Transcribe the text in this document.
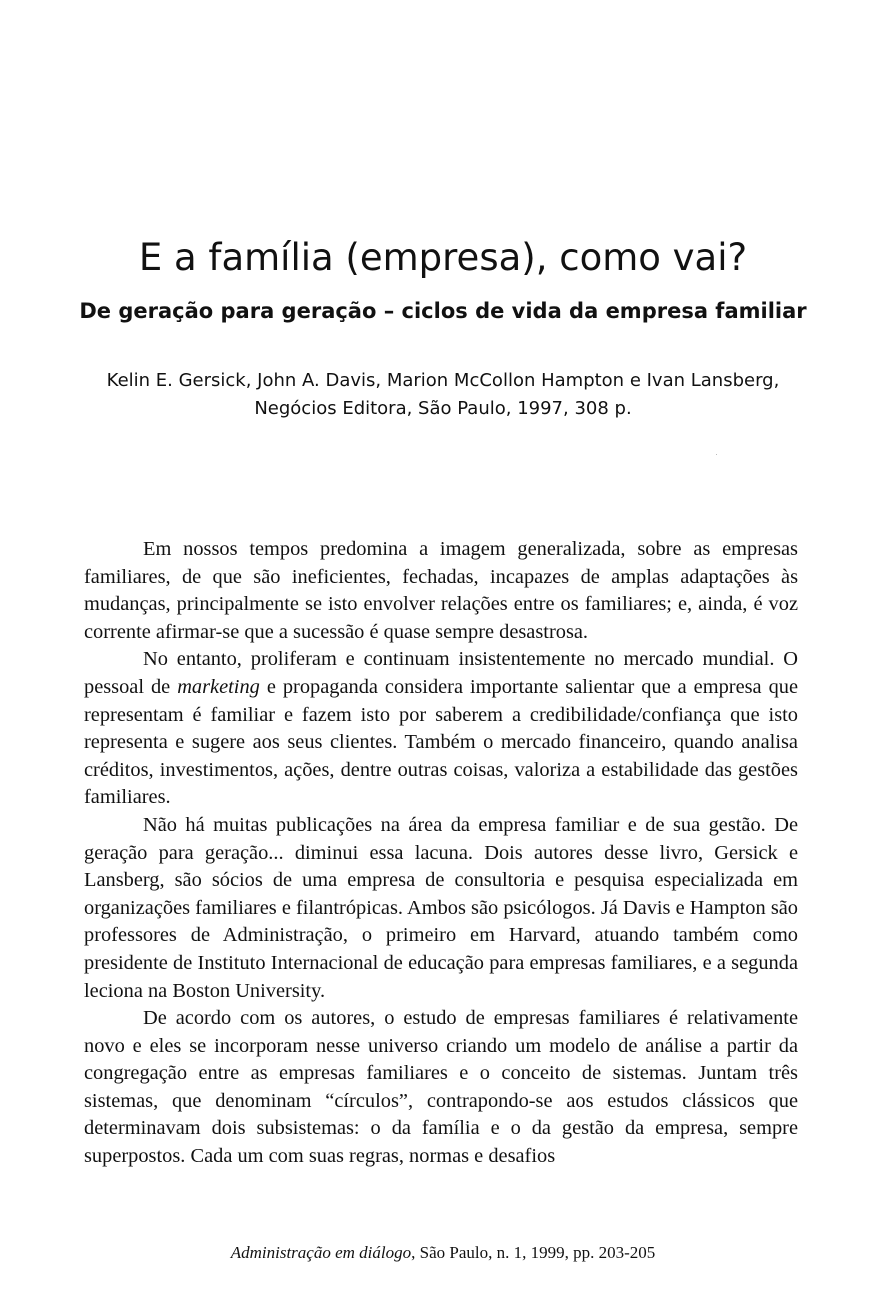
E a família (empresa), como vai?
De geração para geração – ciclos de vida da empresa familiar
Kelin E. Gersick, John A. Davis, Marion McCollon Hampton e Ivan Lansberg,
Negócios Editora, São Paulo, 1997, 308 p.

Em nossos tempos predomina a imagem generalizada, sobre as empresas familiares, de que são ineficientes, fechadas, incapazes de amplas adaptações às mudanças, principalmente se isto envolver relações entre os familiares; e, ainda, é voz corrente afirmar-se que a sucessão é quase sempre desastrosa.

No entanto, proliferam e continuam insistentemente no mercado mundial. O pessoal de marketing e propaganda considera importante salientar que a empresa que representam é familiar e fazem isto por saberem a credibilidade/confiança que isto representa e sugere aos seus clientes. Também o mercado financeiro, quando analisa créditos, investimentos, ações, dentre outras coisas, valoriza a estabilidade das gestões familiares.

Não há muitas publicações na área da empresa familiar e de sua gestão. De geração para geração... diminui essa lacuna. Dois autores desse livro, Gersick e Lansberg, são sócios de uma empresa de consultoria e pesquisa especializada em organizações familiares e filantrópicas. Ambos são psicólogos. Já Davis e Hampton são professores de Administração, o primeiro em Harvard, atuando também como presidente de Instituto Internacional de educação para empresas familiares, e a segunda leciona na Boston University.

De acordo com os autores, o estudo de empresas familiares é relativamente novo e eles se incorporam nesse universo criando um modelo de análise a partir da congregação entre as empresas familiares e o conceito de sistemas. Juntam três sistemas, que denominam “círculos”, contrapondo-se aos estudos clássicos que determinavam dois subsistemas: o da família e o da gestão da empresa, sempre superpostos. Cada um com suas regras, normas e desafios

Administração em diálogo, São Paulo, n. 1, 1999, pp. 203-205
